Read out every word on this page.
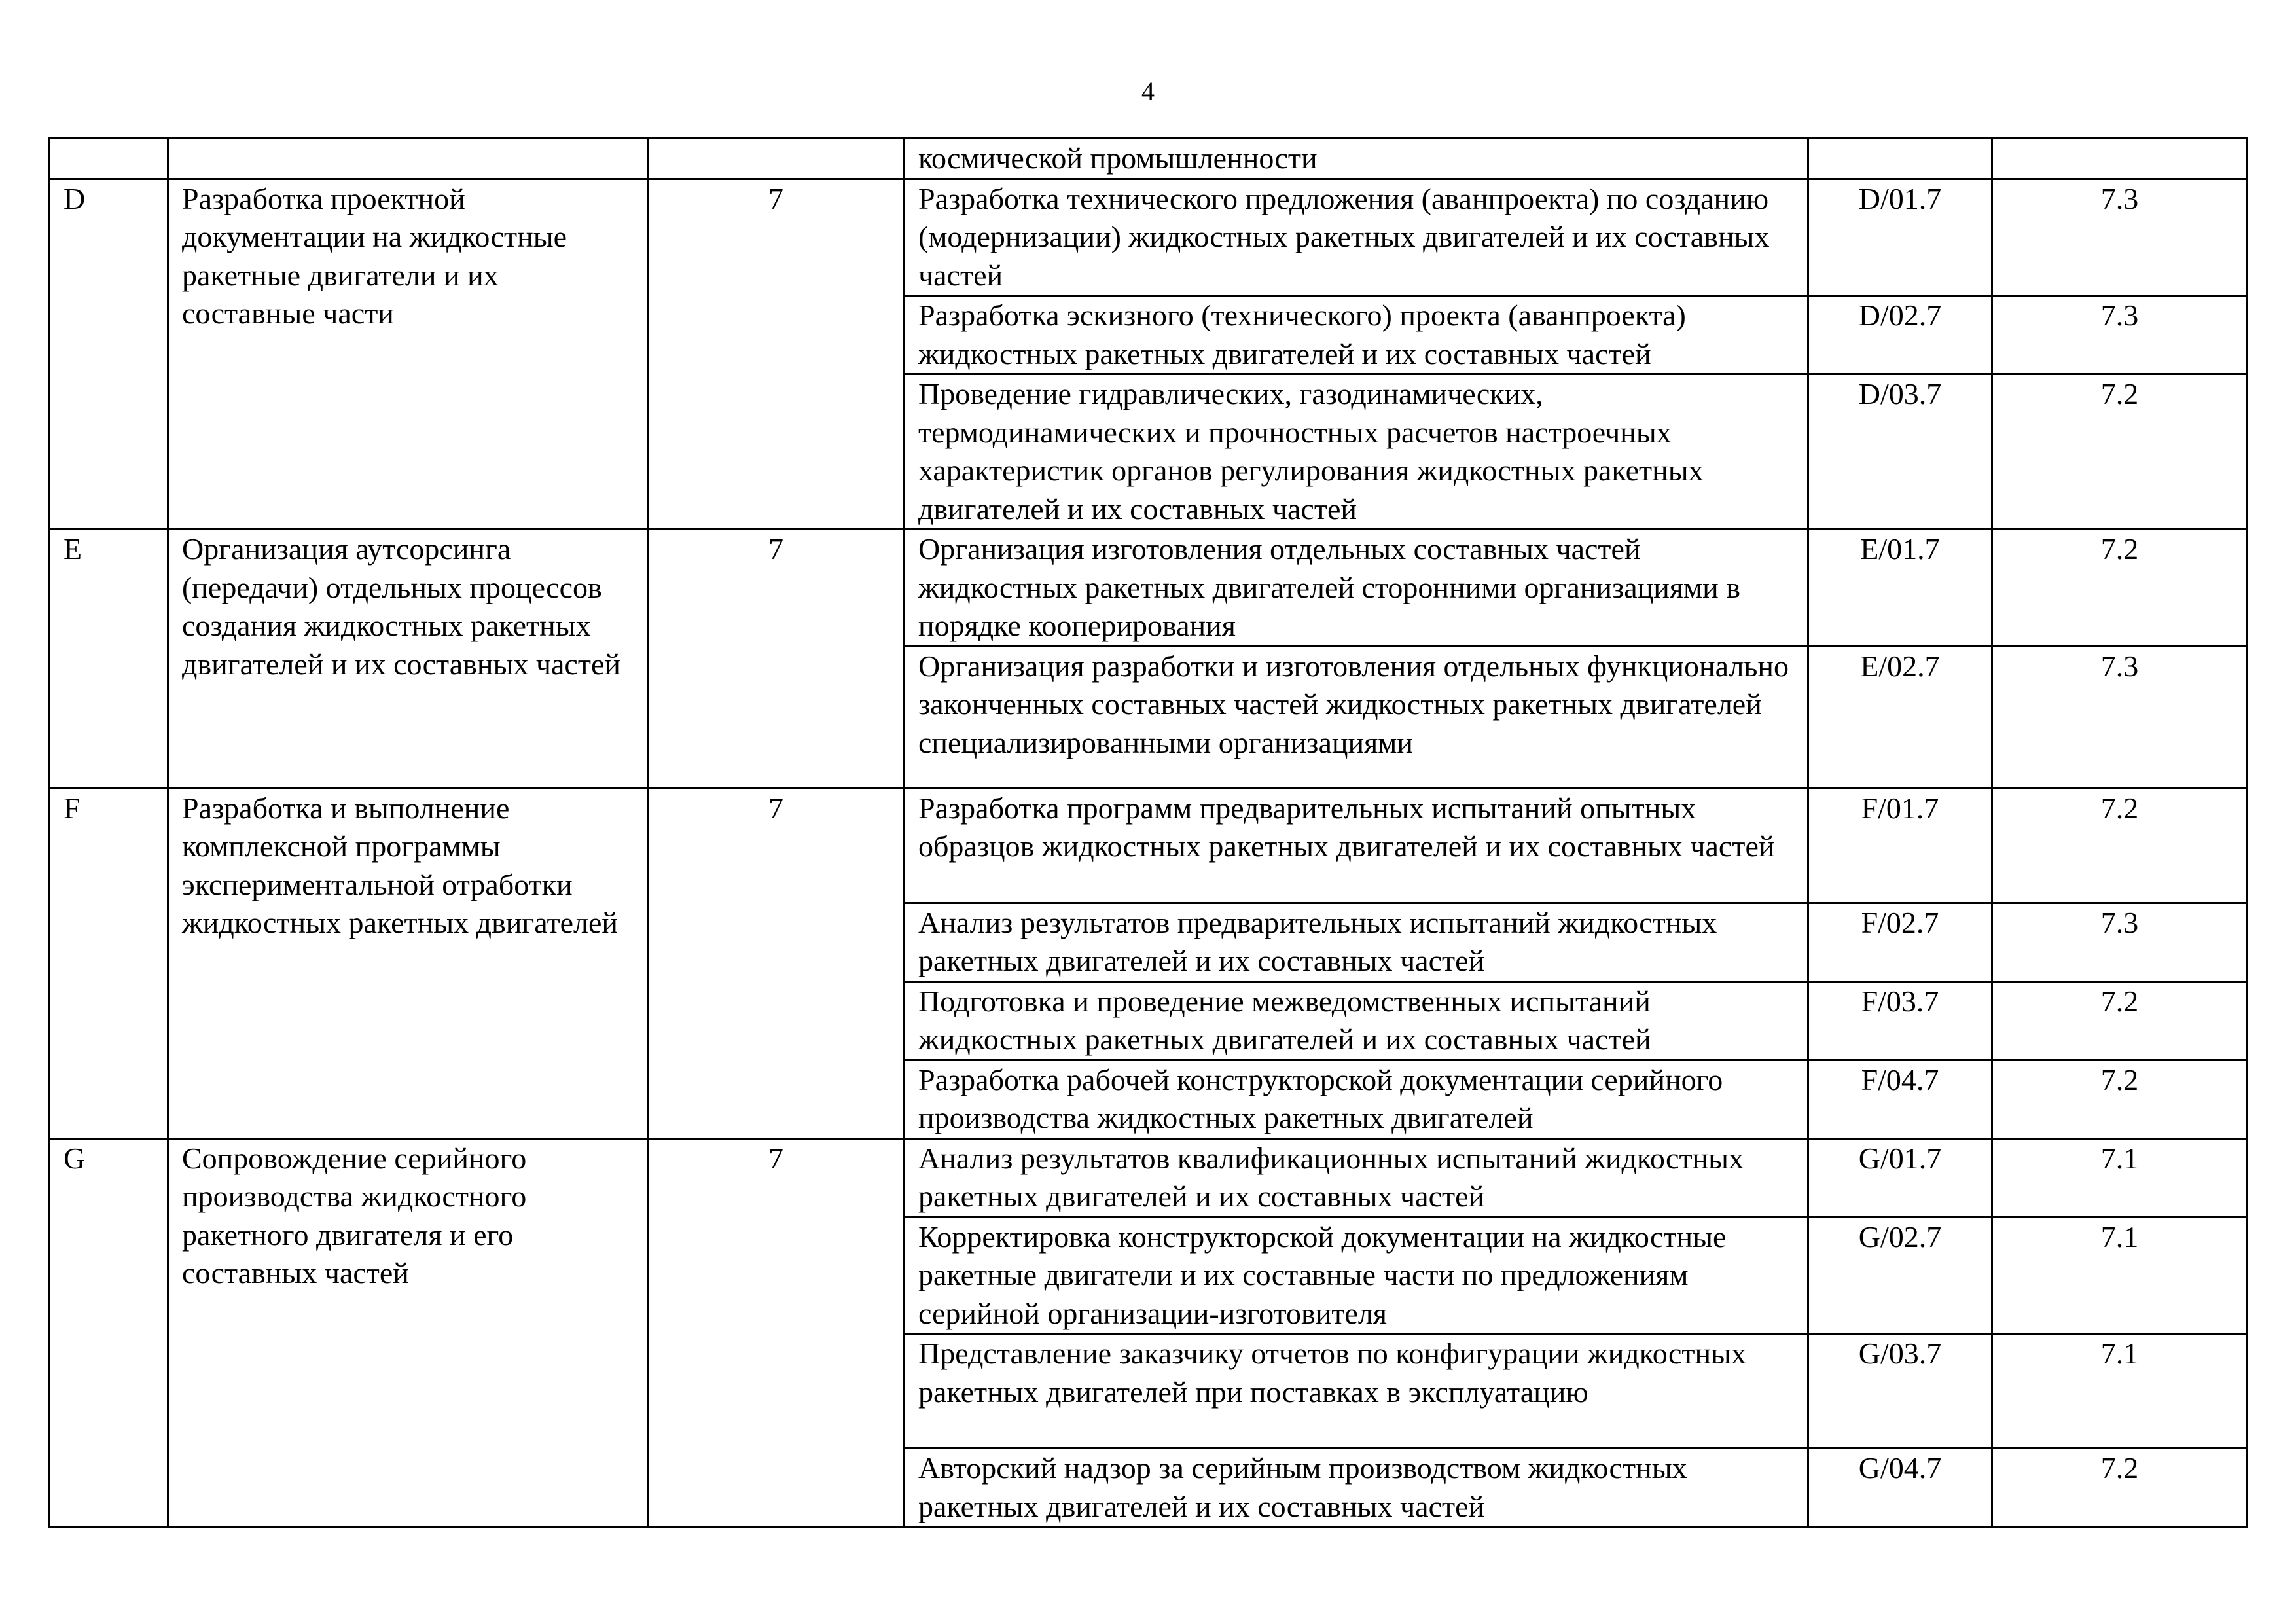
4
			космической промышленности		
D	Разработка проектной документации на жидкостные ракетные двигатели и их составные части	7	Разработка технического предложения (аванпроекта) по созданию (модернизации) жидкостных ракетных двигателей и их составных частей	D/01.7	7.3
			Разработка эскизного (технического) проекта (аванпроекта) жидкостных ракетных двигателей и их составных частей	D/02.7	7.3
			Проведение гидравлических, газодинамических, термодинамических и прочностных расчетов настроечных характеристик органов регулирования жидкостных ракетных двигателей и их составных частей	D/03.7	7.2
E	Организация аутсорсинга (передачи) отдельных процессов создания жидкостных ракетных двигателей и их составных частей	7	Организация изготовления отдельных составных частей жидкостных ракетных двигателей сторонними организациями в порядке кооперирования	E/01.7	7.2
			Организация разработки и изготовления отдельных функционально законченных составных частей жидкостных ракетных двигателей специализированными организациями	E/02.7	7.3
F	Разработка и выполнение комплексной программы экспериментальной отработки жидкостных ракетных двигателей	7	Разработка программ предварительных испытаний опытных образцов жидкостных ракетных двигателей и их составных частей	F/01.7	7.2
			Анализ результатов предварительных испытаний жидкостных ракетных двигателей и их составных частей	F/02.7	7.3
			Подготовка и проведение межведомственных испытаний жидкостных ракетных двигателей и их составных частей	F/03.7	7.2
			Разработка рабочей конструкторской документации серийного производства жидкостных ракетных двигателей	F/04.7	7.2
G	Сопровождение серийного производства жидкостного ракетного двигателя и его составных частей	7	Анализ результатов квалификационных испытаний жидкостных ракетных двигателей и их составных частей	G/01.7	7.1
			Корректировка конструкторской документации на жидкостные ракетные двигатели и их составные части по предложениям серийной организации-изготовителя	G/02.7	7.1
			Представление заказчику отчетов по конфигурации жидкостных ракетных двигателей при поставках в эксплуатацию	G/03.7	7.1
			Авторский надзор за серийным производством жидкостных ракетных двигателей и их составных частей	G/04.7	7.2
